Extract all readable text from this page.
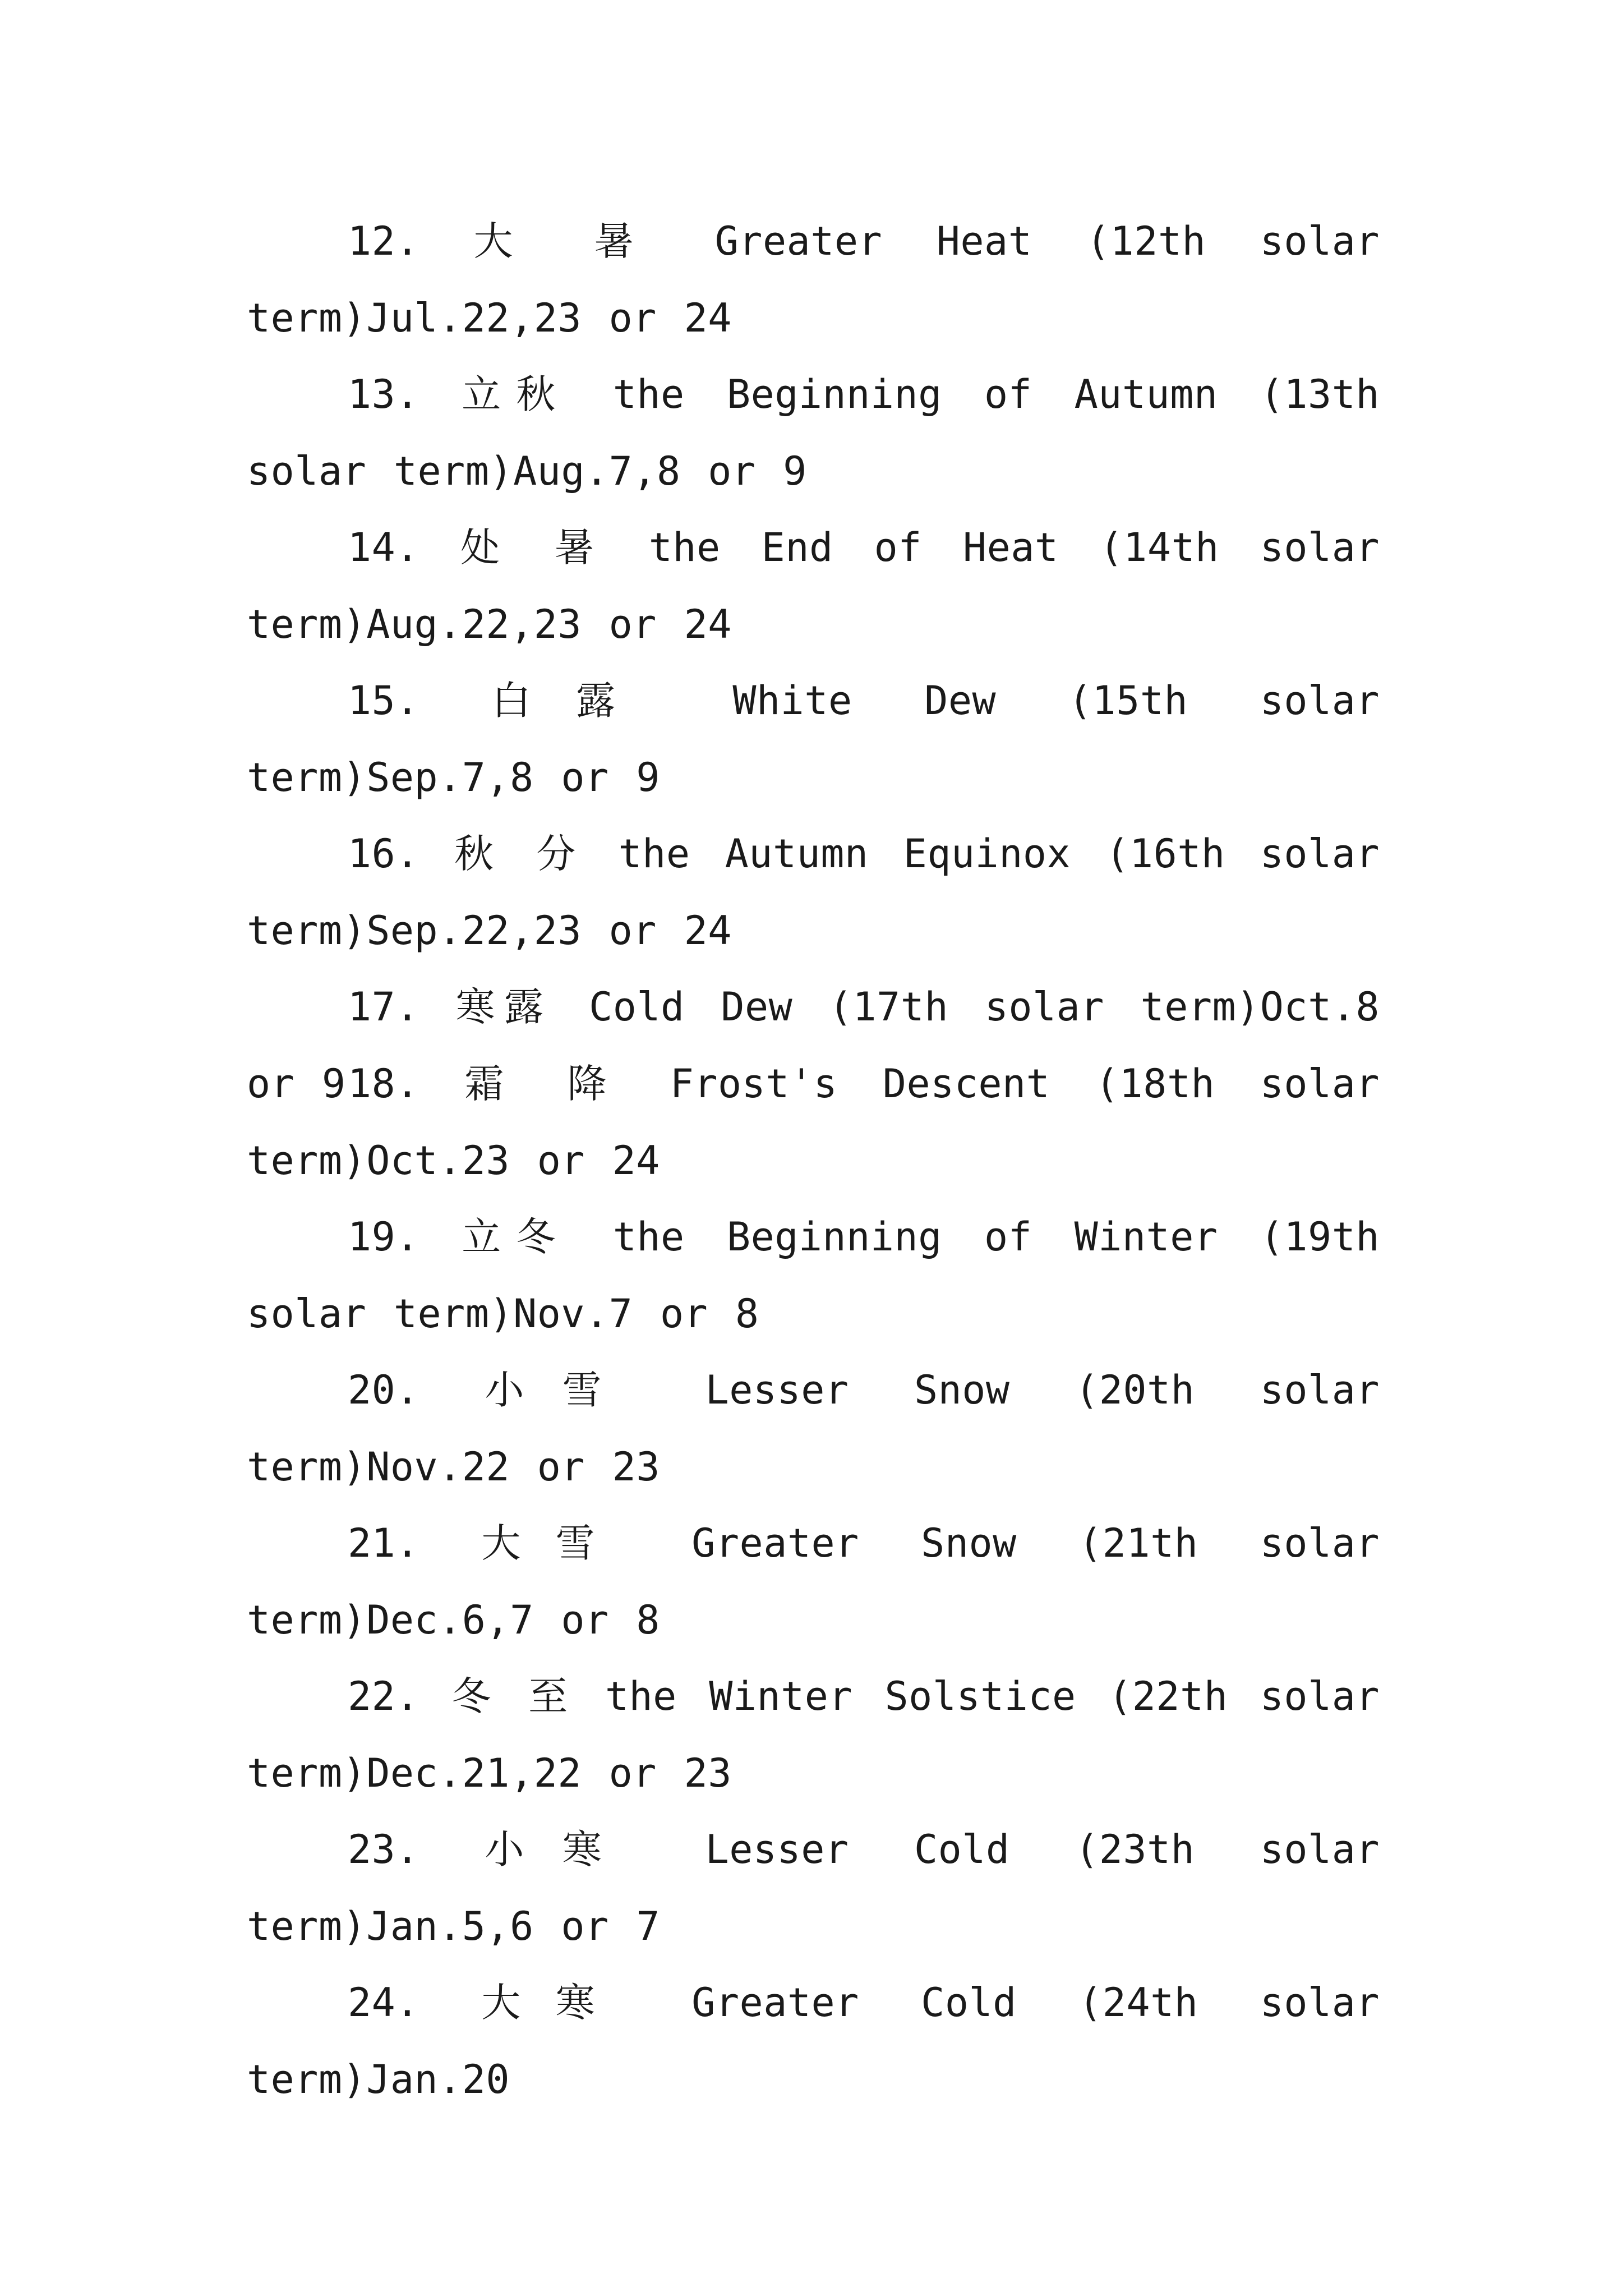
12. 大 暑 Greater Heat (12th solar term)Jul.22,23 or 24

13. 立秋 the Beginning of Autumn (13th solar term)Aug.7,8 or 9

14. 处 暑 the End of Heat (14th solar term)Aug.22,23 or 24

15. 白露 White Dew (15th solar term)Sep.7,8 or 9

16. 秋 分 the Autumn Equinox (16th solar term)Sep.22,23 or 24

17. 寒露 Cold Dew (17th solar term)Oct.8 or 9 18. 霜 降 Frost's Descent (18th solar term)Oct.23 or 24

19. 立冬 the Beginning of Winter (19th solar term)Nov.7 or 8

20. 小雪 Lesser Snow (20th solar term)Nov.22 or 23

21. 大雪 Greater Snow (21th solar term)Dec.6,7 or 8

22. 冬 至 the Winter Solstice (22th solar term)Dec.21,22 or 23

23. 小寒 Lesser Cold (23th solar term)Jan.5,6 or 7

24. 大寒 Greater Cold (24th solar term)Jan.20
